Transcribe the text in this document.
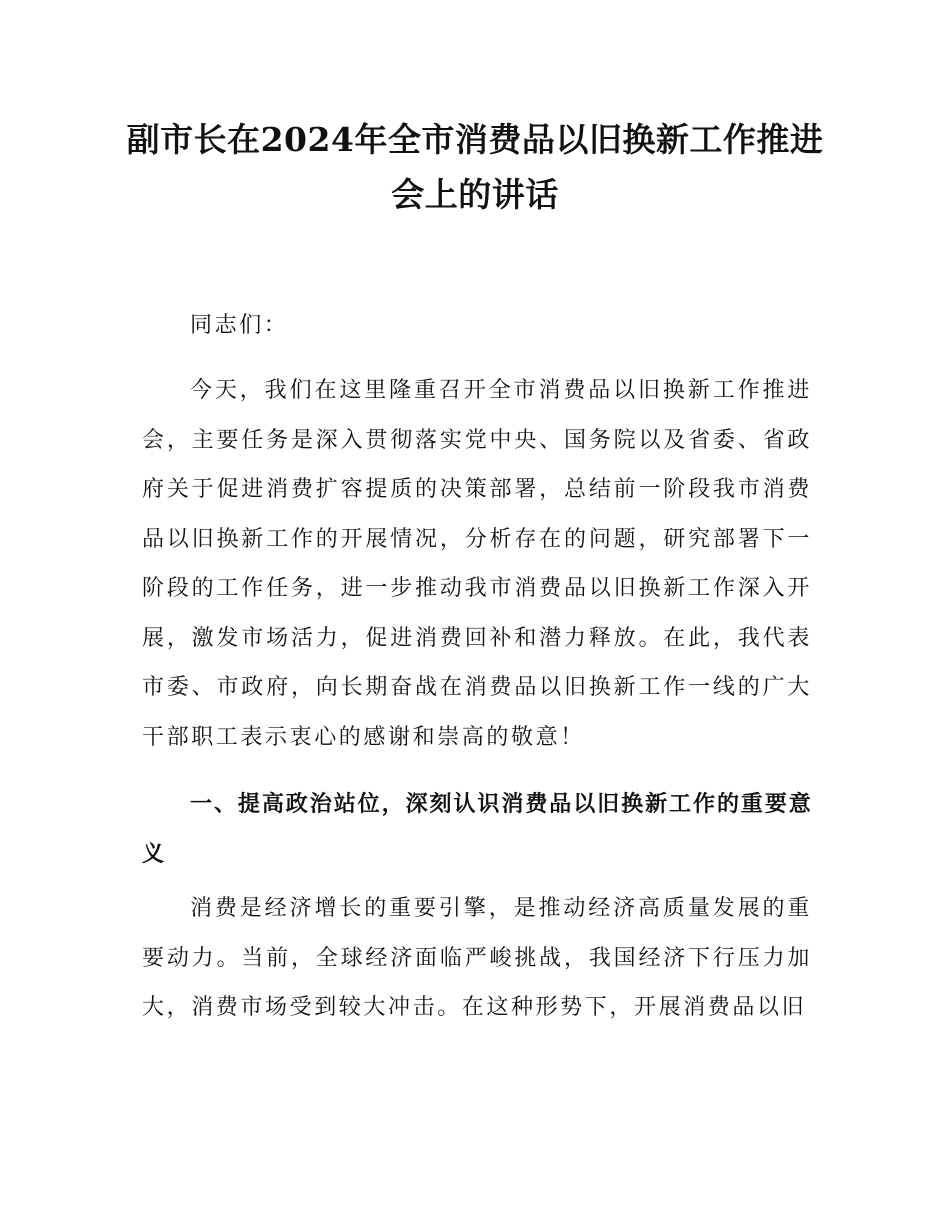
副市长在2024年全市消费品以旧换新工作推进会上的讲话

同志们：

今天，我们在这里隆重召开全市消费品以旧换新工作推进会，主要任务是深入贯彻落实党中央、国务院以及省委、省政府关于促进消费扩容提质的决策部署，总结前一阶段我市消费品以旧换新工作的开展情况，分析存在的问题，研究部署下一阶段的工作任务，进一步推动我市消费品以旧换新工作深入开展，激发市场活力，促进消费回补和潜力释放。在此，我代表市委、市政府，向长期奋战在消费品以旧换新工作一线的广大干部职工表示衷心的感谢和崇高的敬意！

一、提高政治站位，深刻认识消费品以旧换新工作的重要意义

消费是经济增长的重要引擎，是推动经济高质量发展的重要动力。当前，全球经济面临严峻挑战，我国经济下行压力加大，消费市场受到较大冲击。在这种形势下，开展消费品以旧
